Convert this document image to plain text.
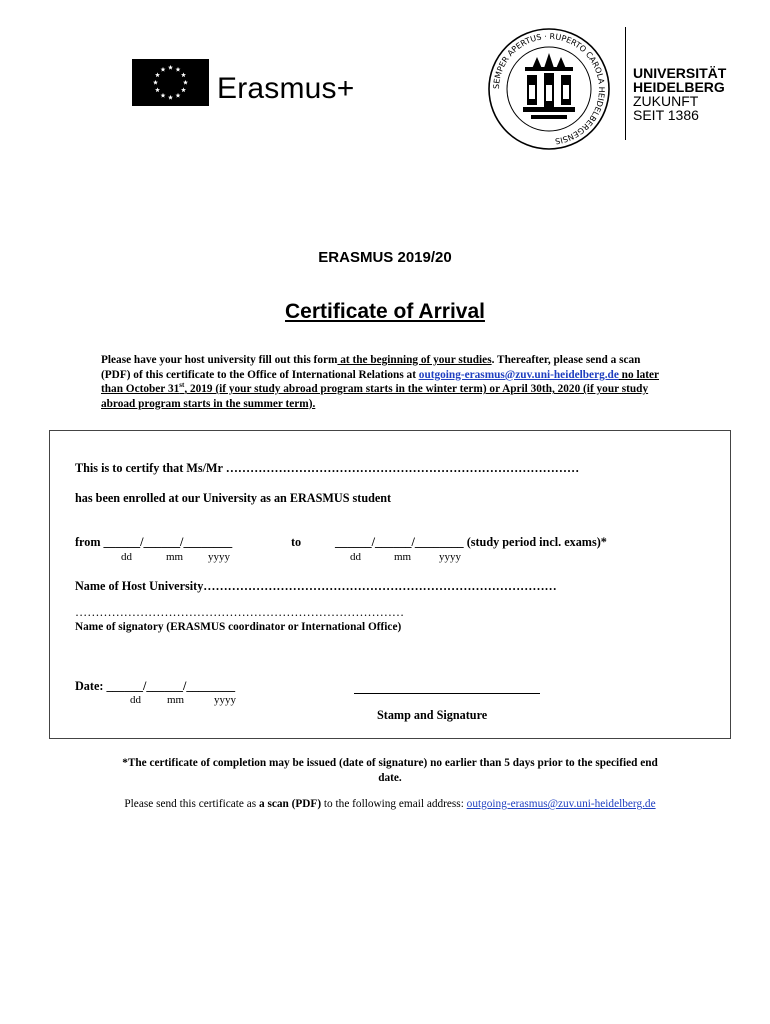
Erasmus+	SEMPER APERTUS · RUPERTO CAROLA HEIDELBERGENSIS
UNIVERSITÄT
HEIDELBERG
ZUKUNFT
SEIT 1386
ERASMUS 2019/20
Certificate of Arrival
Please have your host university fill out this form at the beginning of your studies. Thereafter, please send a scan (PDF) of this certificate to the Office of International Relations at outgoing-erasmus@zuv.uni-heidelberg.de no later than October 31st, 2019 (if your study abroad program starts in the winter term) or April 30th, 2020 (if your study abroad program starts in the summer term).
This is to certify that Ms/Mr ……………………………………………………………………………
has been enrolled at our University as an ERASMUS student
from ______/______/________	to	______/______/________ (study period incl. exams)*
dd	mm yyyy	dd	mm	yyyy
Name of Host University……………………………………………………………………………
………………………………………………………………………
Name of signatory (ERASMUS coordinator or International Office)
Date: ______/______/________
dd mm	yyyy
Stamp and Signature
*The certificate of completion may be issued (date of signature) no earlier than 5 days prior to the specified end date.
Please send this certificate as a scan (PDF) to the following email address: outgoing-erasmus@zuv.uni-heidelberg.de
